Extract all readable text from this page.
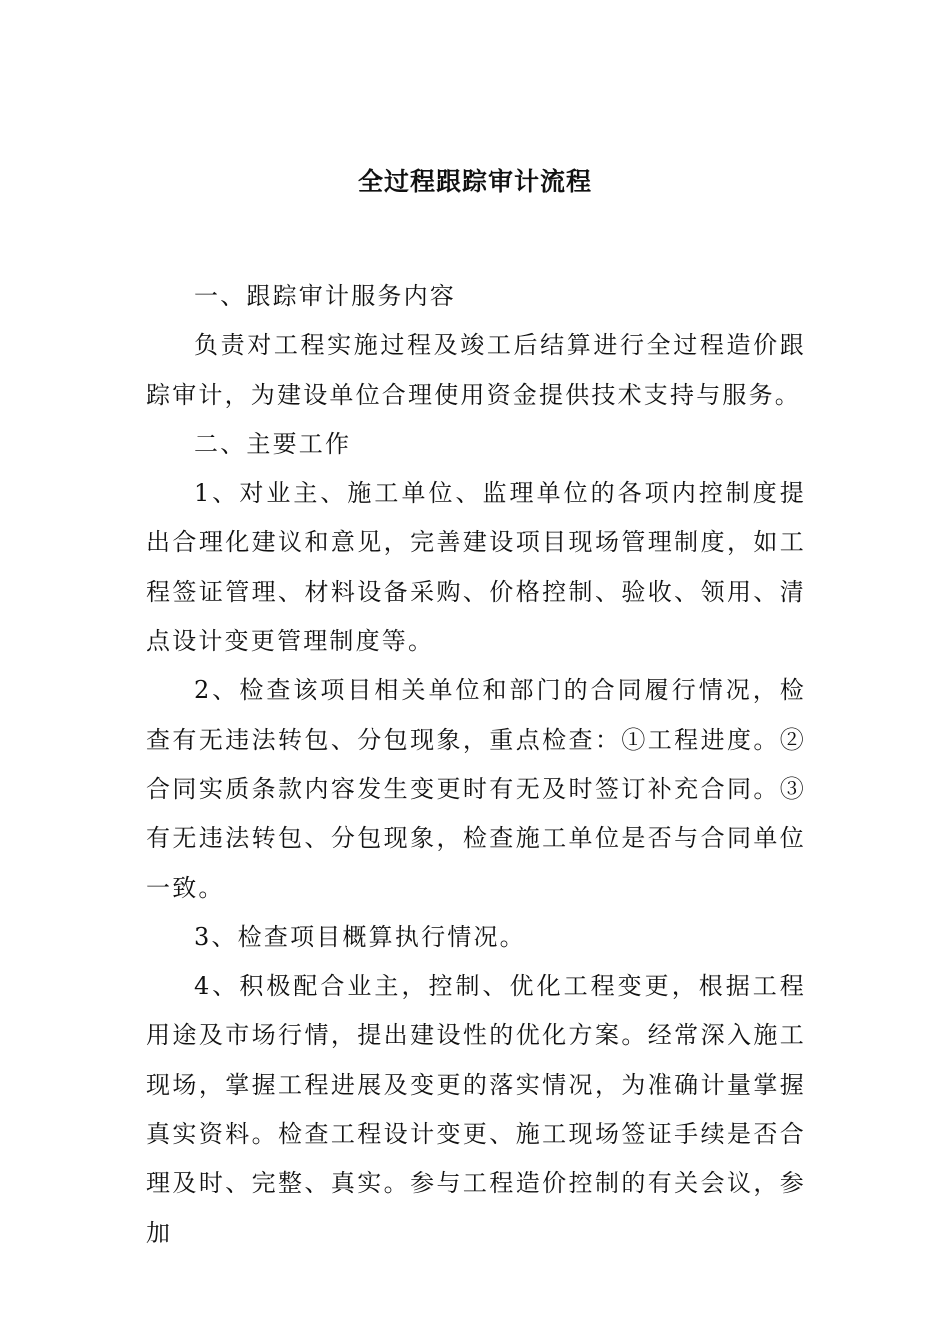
全过程跟踪审计流程

一、跟踪审计服务内容

负责对工程实施过程及竣工后结算进行全过程造价跟踪审计，为建设单位合理使用资金提供技术支持与服务。

二、主要工作

1、对业主、施工单位、监理单位的各项内控制度提出合理化建议和意见，完善建设项目现场管理制度，如工程签证管理、材料设备采购、价格控制、验收、领用、清点设计变更管理制度等。

2、检查该项目相关单位和部门的合同履行情况，检查有无违法转包、分包现象，重点检查：①工程进度。②合同实质条款内容发生变更时有无及时签订补充合同。③有无违法转包、分包现象，检查施工单位是否与合同单位一致。

3、检查项目概算执行情况。

4、积极配合业主，控制、优化工程变更，根据工程用途及市场行情，提出建设性的优化方案。经常深入施工现场，掌握工程进展及变更的落实情况，为准确计量掌握真实资料。检查工程设计变更、施工现场签证手续是否合理及时、完整、真实。参与工程造价控制的有关会议，参加
